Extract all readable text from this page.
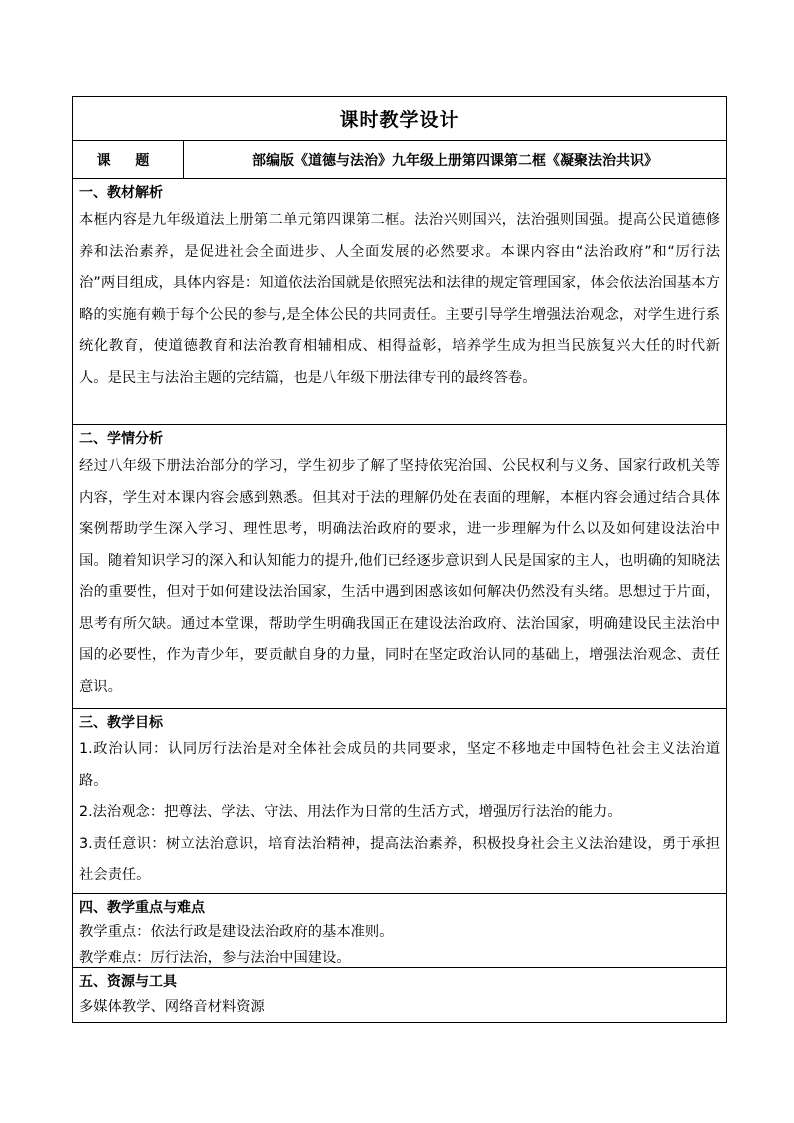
课时教学设计
课 题	部编版《道德与法治》九年级上册第四课第二框《凝聚法治共识》
一、教材解析

本框内容是九年级道法上册第二单元第四课第二框。法治兴则国兴，法治强则国强。提高公民道德修养和法治素养，是促进社会全面进步、人全面发展的必然要求。本课内容由“法治政府”和“厉行法治”两目组成，具体内容是：知道依法治国就是依照宪法和法律的规定管理国家，体会依法治国基本方略的实施有赖于每个公民的参与,是全体公民的共同责任。主要引导学生增强法治观念，对学生进行系统化教育，使道德教育和法治教育相辅相成、相得益彰，培养学生成为担当民族复兴大任的时代新人。是民主与法治主题的完结篇，也是八年级下册法律专刊的最终答卷。

二、学情分析

经过八年级下册法治部分的学习，学生初步了解了坚持依宪治国、公民权利与义务、国家行政机关等内容，学生对本课内容会感到熟悉。但其对于法的理解仍处在表面的理解，本框内容会通过结合具体案例帮助学生深入学习、理性思考，明确法治政府的要求，进一步理解为什么以及如何建设法治中国。随着知识学习的深入和认知能力的提升,他们已经逐步意识到人民是国家的主人，也明确的知晓法治的重要性，但对于如何建设法治国家，生活中遇到困惑该如何解决仍然没有头绪。思想过于片面，思考有所欠缺。通过本堂课，帮助学生明确我国正在建设法治政府、法治国家，明确建设民主法治中国的必要性，作为青少年，要贡献自身的力量，同时在坚定政治认同的基础上，增强法治观念、责任意识。

三、教学目标

1.政治认同：认同厉行法治是对全体社会成员的共同要求，坚定不移地走中国特色社会主义法治道路。

2.法治观念：把尊法、学法、守法、用法作为日常的生活方式，增强厉行法治的能力。

3.责任意识：树立法治意识，培育法治精神，提高法治素养，积极投身社会主义法治建设，勇于承担社会责任。

四、教学重点与难点

教学重点：依法行政是建设法治政府的基本准则。

教学难点：厉行法治，参与法治中国建设。

五、资源与工具
多媒体教学、网络音材料资源
